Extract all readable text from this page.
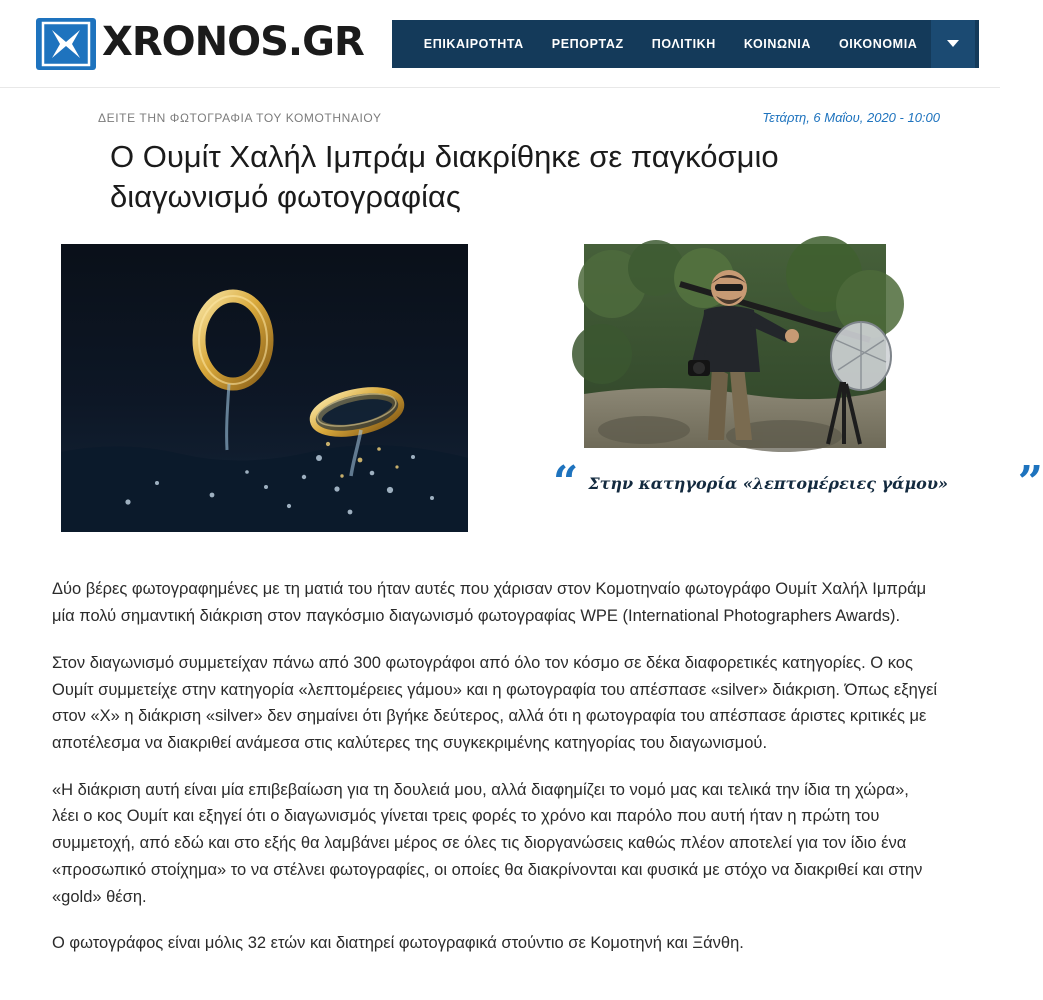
XRONOS.GR	ΕΠΙΚΑΙΡΟΤΗΤΑ	ΡΕΠΟΡΤΑΖ	ΠΟΛΙΤΙΚΗ	ΚΟΙΝΩΝΙΑ	ΟΙΚΟΝΟΜΙΑ
ΔΕΙΤΕ ΤΗΝ ΦΩΤΟΓΡΑΦΙΑ ΤΟΥ ΚΟΜΟΤΗΝΑΙΟΥ	Τετάρτη, 6 Μαΐου, 2020 - 10:00
Ο Ουμίτ Χαλήλ Ιμπράμ διακρίθηκε σε παγκόσμιο διαγωνισμό φωτογραφίας
“ Στην κατηγορία «λεπτομέρειες γάμου» ”

Δύο βέρες φωτογραφημένες με τη ματιά του ήταν αυτές που χάρισαν στον Κομοτηναίο φωτογράφο Ουμίτ Χαλήλ Ιμπράμ μία πολύ σημαντική διάκριση στον παγκόσμιο διαγωνισμό φωτογραφίας WPE (International Photographers Awards).

Στον διαγωνισμό συμμετείχαν πάνω από 300 φωτογράφοι από όλο τον κόσμο σε δέκα διαφορετικές κατηγορίες. Ο κος Ουμίτ συμμετείχε στην κατηγορία «λεπτομέρειες γάμου» και η φωτογραφία του απέσπασε «silver» διάκριση. Όπως εξηγεί στον «Χ» η διάκριση «silver» δεν σημαίνει ότι βγήκε δεύτερος, αλλά ότι η φωτογραφία του απέσπασε άριστες κριτικές με αποτέλεσμα να διακριθεί ανάμεσα στις καλύτερες της συγκεκριμένης κατηγορίας του διαγωνισμού.

«Η διάκριση αυτή είναι μία επιβεβαίωση για τη δουλειά μου, αλλά διαφημίζει το νομό μας και τελικά την ίδια τη χώρα», λέει ο κος Ουμίτ και εξηγεί ότι ο διαγωνισμός γίνεται τρεις φορές το χρόνο και παρόλο που αυτή ήταν η πρώτη του συμμετοχή, από εδώ και στο εξής θα λαμβάνει μέρος σε όλες τις διοργανώσεις καθώς πλέον αποτελεί για τον ίδιο ένα «προσωπικό στοίχημα» το να στέλνει φωτογραφίες, οι οποίες θα διακρίνονται και φυσικά με στόχο να διακριθεί και στην «gold» θέση.

Ο φωτογράφος είναι μόλις 32 ετών και διατηρεί φωτογραφικά στούντιο σε Κομοτηνή και Ξάνθη.
